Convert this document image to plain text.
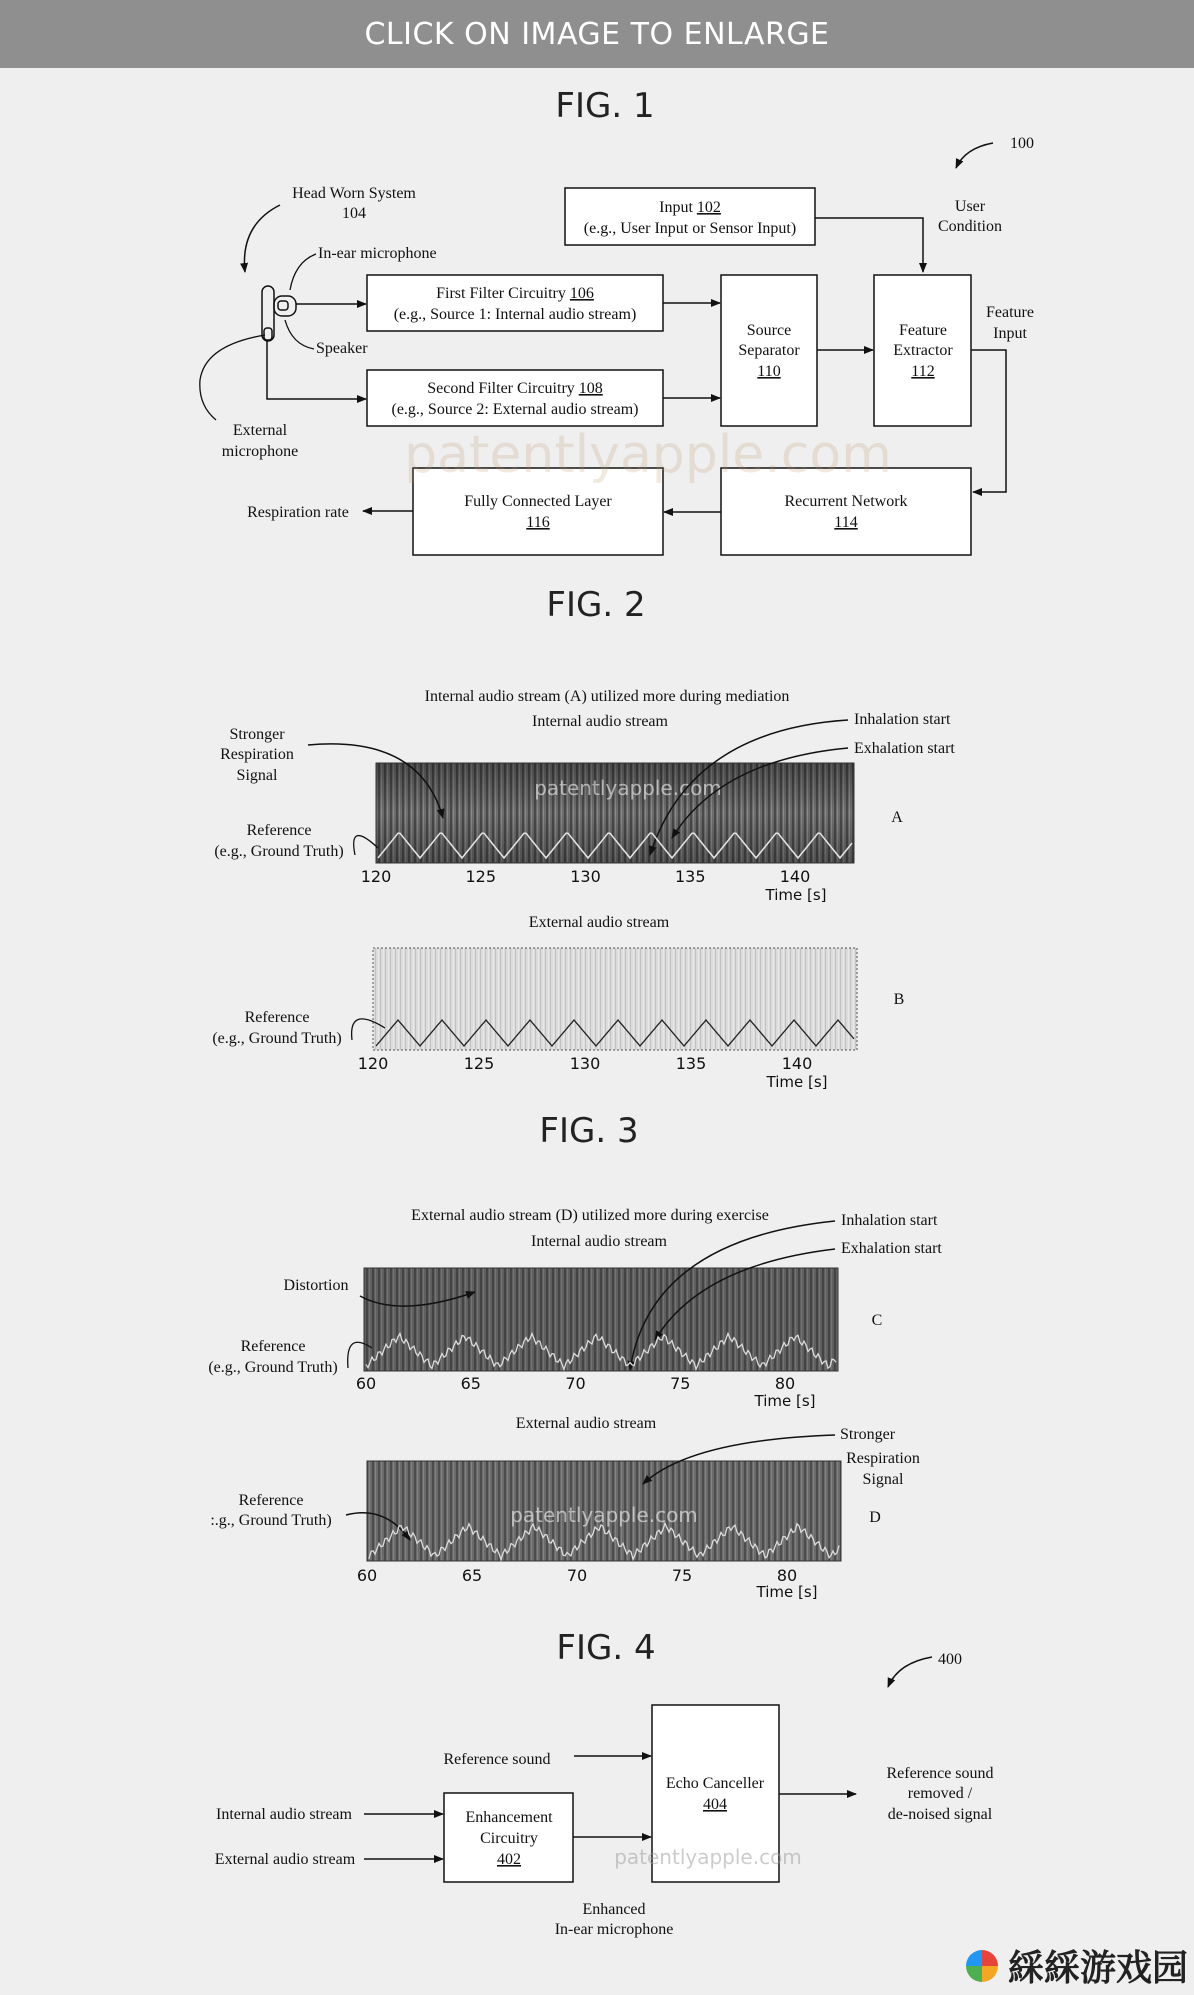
CLICK ON IMAGE TO ENLARGE
FIG. 1
100
Head Worn System
104
In-ear microphone
Speaker
External
microphone
Input 102
(e.g., User Input or Sensor Input)
User
Condition
First Filter Circuitry 106
(e.g., Source 1: Internal audio stream)
Second Filter Circuitry 108
(e.g., Source 2: External audio stream)
Source
Separator
110
Feature
Extractor
112
Feature
Input
Recurrent Network
114
Fully Connected Layer
116
Respiration rate
patentlyapple.com
FIG. 2
Internal audio stream (A) utilized more during mediation
Internal audio stream
120	125	130	135	140
Time [s]
patentlyapple.com
Stronger
Respiration
Signal
Inhalation start
Exhalation start
Reference
(e.g., Ground Truth)
A
External audio stream
120	125	130	135	140
Time [s]
Reference
(e.g., Ground Truth)
B
FIG. 3
External audio stream (D) utilized more during exercise
Internal audio stream
60	65	70	75	80
Time [s]
Distortion
Inhalation start
Exhalation start
Reference
(e.g., Ground Truth)
C
External audio stream
60	65	70	75	80
Time [s]
patentlyapple.com
Stronger
Respiration
Signal
Reference
:.g., Ground Truth)	D
FIG. 4	400
Reference sound
Internal audio stream
External audio stream
Enhancement
Circuitry
402
Echo Canceller
404
Reference sound
removed /
de-noised signal
Enhanced
In-ear microphone
patentlyapple.com
綵綵游戏园
